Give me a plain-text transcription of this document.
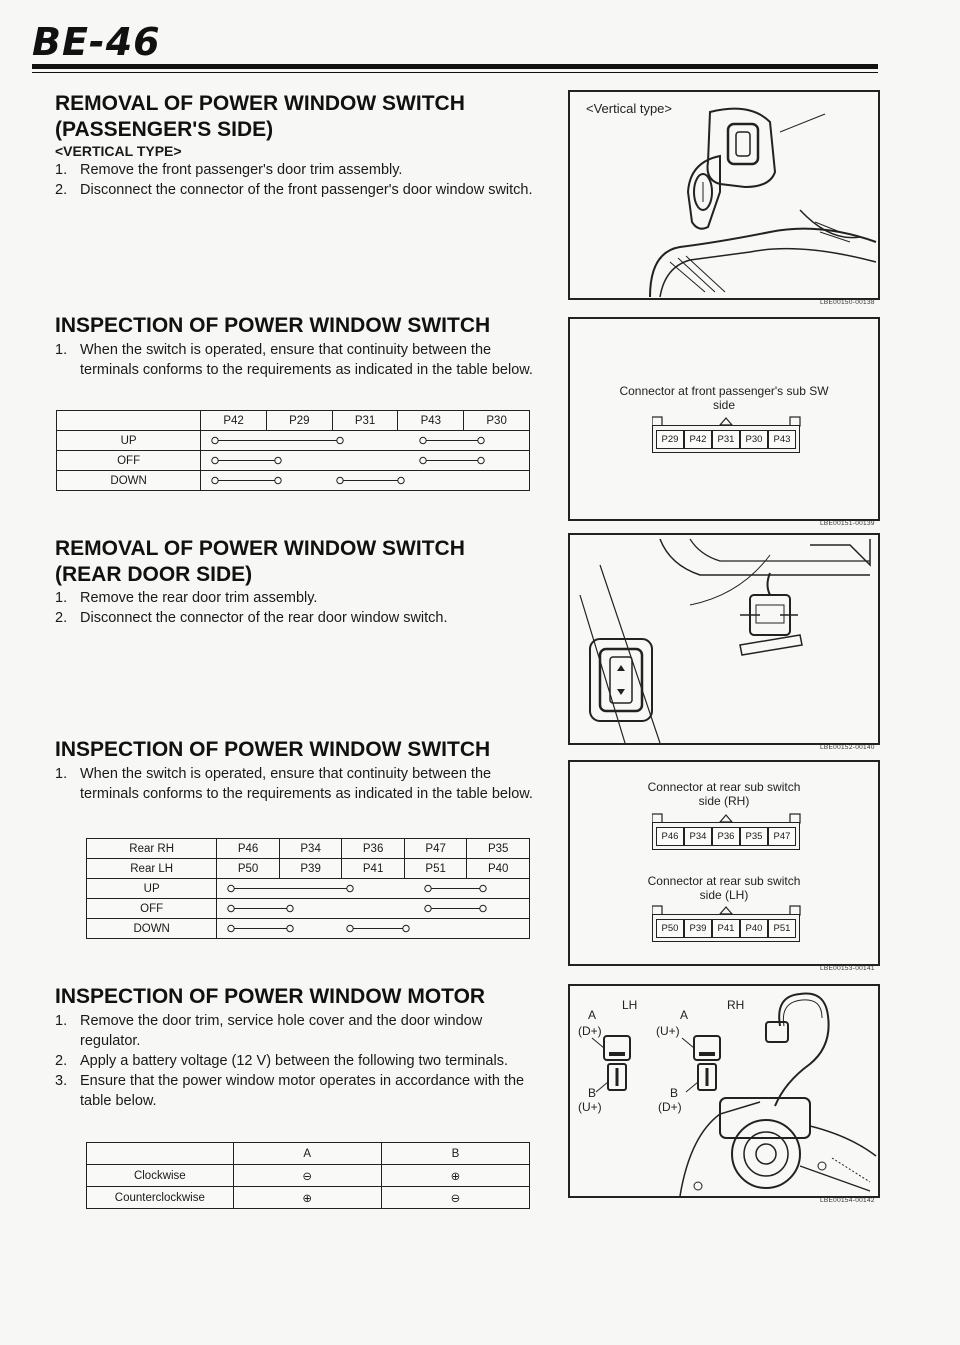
BE-46
REMOVAL OF POWER WINDOW SWITCH
(PASSENGER'S SIDE)
<VERTICAL TYPE>
1. Remove the front passenger's door trim assembly.
2. Disconnect the connector of the front passenger's door window switch.
INSPECTION OF POWER WINDOW SWITCH
1. When the switch is operated, ensure that continuity between the terminals conforms to the requirements as indicated in the table below.
	P42	P29	P31	P43	P30
UP	

OFF	

DOWN	
REMOVAL OF POWER WINDOW SWITCH
(REAR DOOR SIDE)
1. Remove the rear door trim assembly.
2. Disconnect the connector of the rear door window switch.
INSPECTION OF POWER WINDOW SWITCH
1. When the switch is operated, ensure that continuity between the terminals conforms to the requirements as indicated in the table below.
Rear RH	P46	P34	P36	P47	P35
Rear LH	P50	P39	P41	P51	P40
UP	

OFF	

DOWN	
INSPECTION OF POWER WINDOW MOTOR
1. Remove the door trim, service hole cover and the door window regulator.
2. Apply a battery voltage (12 V) between the following two terminals.
3. Ensure that the power window motor operates in accordance with the table below.
	A	B
Clockwise	⊖	⊕
Counterclockwise	⊕	⊖
<Vertical type>
LBE00150-00138
Connector at front passenger's sub SW side
P29	P42	P31	P30	P43
LBE00151-00139
LBE00152-00140
Connector at rear sub switch side (RH)
P46	P34	P36	P35	P47
Connector at rear sub switch side (LH)
P50	P39	P41	P40	P51
LBE00153-00141
LH	RH
A
(D+)
B
(U+)
A
(U+)
B
(D+)
LBE00154-00142
